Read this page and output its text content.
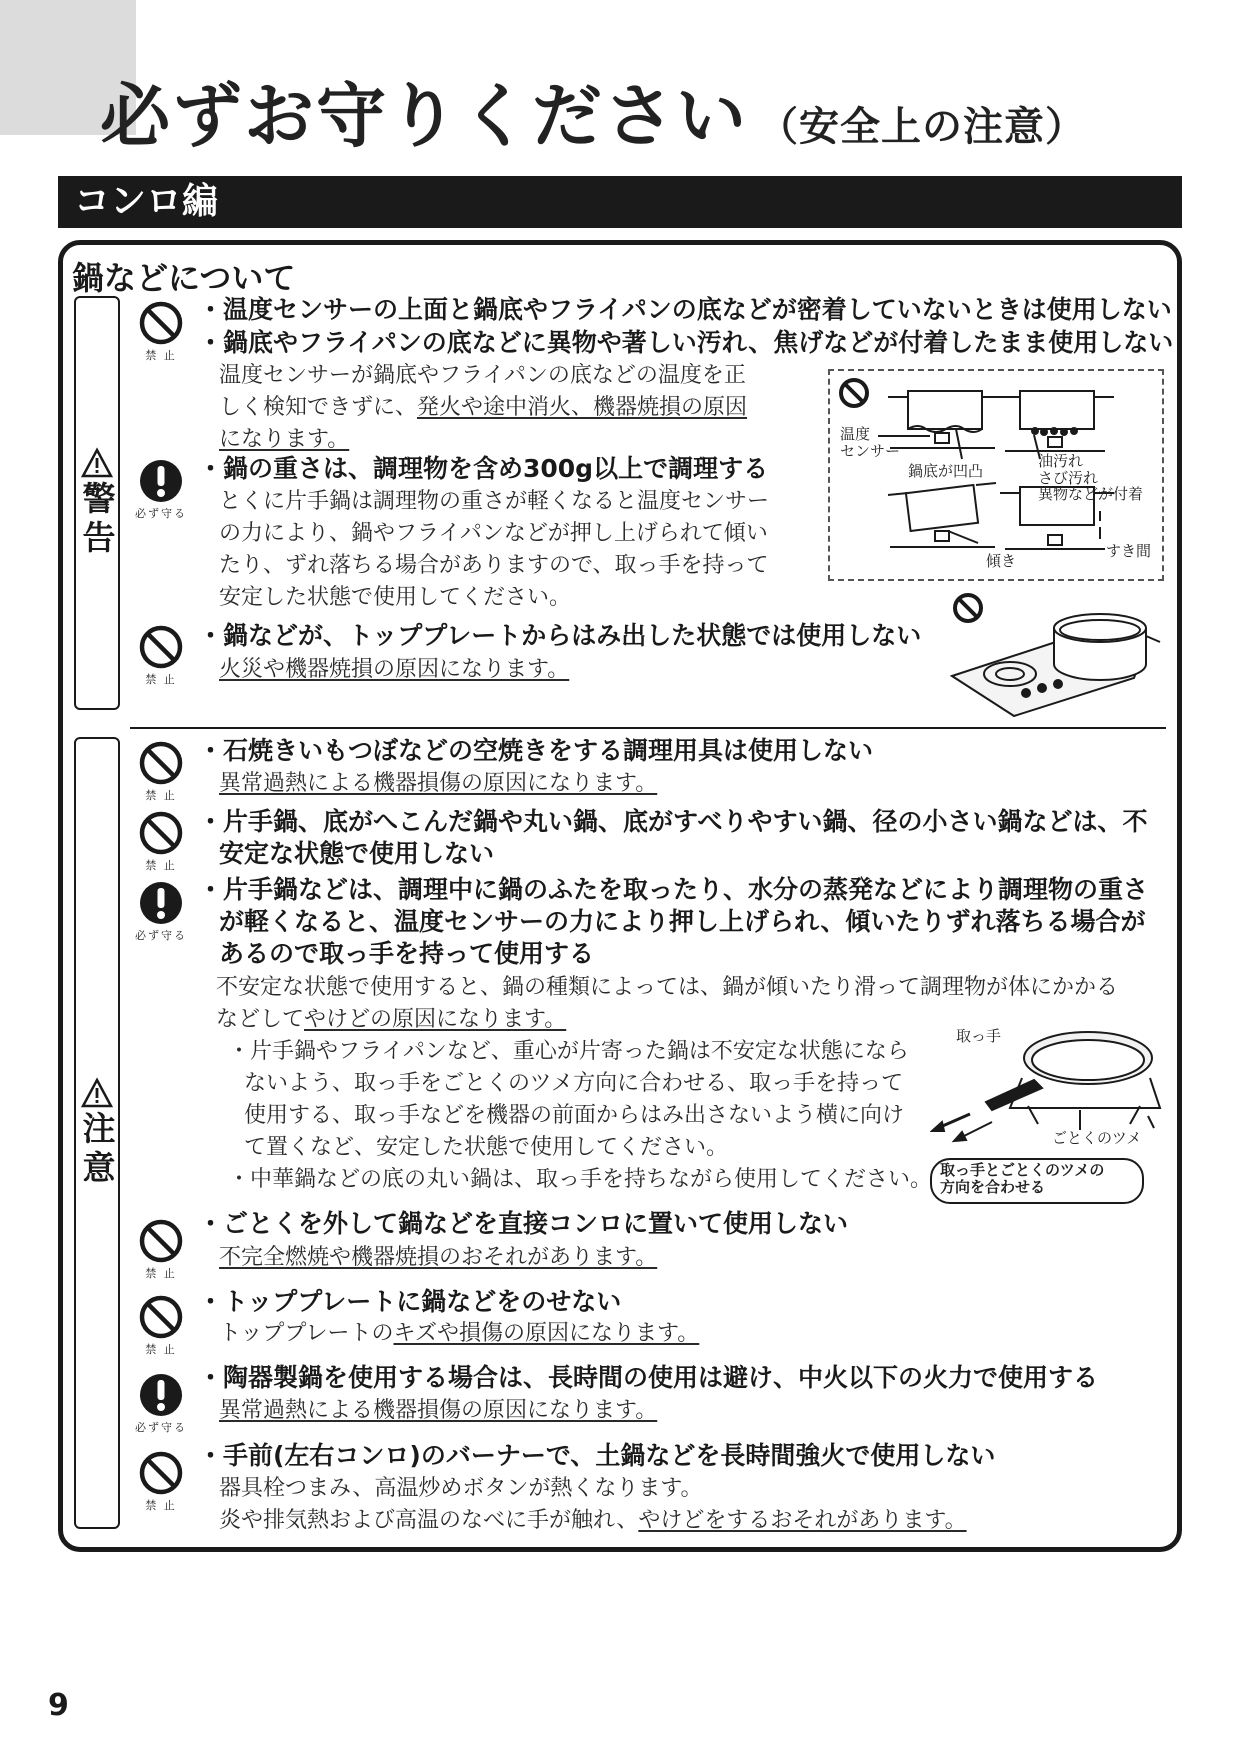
必ずお守りください （安全上の注意）
コンロ編
鍋などについて
警告
注意
禁 止
・温度センサーの上面と鍋底やフライパンの底などが密着していないときは使用しない
・鍋底やフライパンの底などに異物や著しい汚れ、焦げなどが付着したまま使用しない
温度センサーが鍋底やフライパンの底などの温度を正
しく検知できずに、発火や途中消火、機器焼損の原因
になります。
必ず守る
・鍋の重さは、調理物を含め300g以上で調理する
とくに片手鍋は調理物の重さが軽くなると温度センサー
の力により、鍋やフライパンなどが押し上げられて傾い
たり、ずれ落ちる場合がありますので、取っ手を持って
安定した状態で使用してください。
禁 止
・鍋などが、トッププレートからはみ出した状態では使用しない
火災や機器焼損の原因になります。
温度
センサー
鍋底が凹凸
油汚れ
さび汚れ
異物などが付着
傾き
すき間
禁 止
・石焼きいもつぼなどの空焼きをする調理用具は使用しない
異常過熱による機器損傷の原因になります。
禁 止
・片手鍋、底がへこんだ鍋や丸い鍋、底がすべりやすい鍋、径の小さい鍋などは、不
安定な状態で使用しない
必ず守る
・片手鍋などは、調理中に鍋のふたを取ったり、水分の蒸発などにより調理物の重さ
が軽くなると、温度センサーの力により押し上げられ、傾いたりずれ落ちる場合が
あるので取っ手を持って使用する
不安定な状態で使用すると、鍋の種類によっては、鍋が傾いたり滑って調理物が体にかかる
などしてやけどの原因になります。
・片手鍋やフライパンなど、重心が片寄った鍋は不安定な状態になら
ないよう、取っ手をごとくのツメ方向に合わせる、取っ手を持って
使用する、取っ手などを機器の前面からはみ出さないよう横に向け
て置くなど、安定した状態で使用してください。
・中華鍋などの底の丸い鍋は、取っ手を持ちながら使用してください。
取っ手
ごとくのツメ
取っ手とごとくのツメの
方向を合わせる
禁 止
・ごとくを外して鍋などを直接コンロに置いて使用しない
不完全燃焼や機器焼損のおそれがあります。
禁 止
・トッププレートに鍋などをのせない
トッププレートのキズや損傷の原因になります。
必ず守る
・陶器製鍋を使用する場合は、長時間の使用は避け、中火以下の火力で使用する
異常過熱による機器損傷の原因になります。
禁 止
・手前(左右コンロ)のバーナーで、土鍋などを長時間強火で使用しない
器具栓つまみ、高温炒めボタンが熱くなります。
炎や排気熱および高温のなべに手が触れ、やけどをするおそれがあります。
9
